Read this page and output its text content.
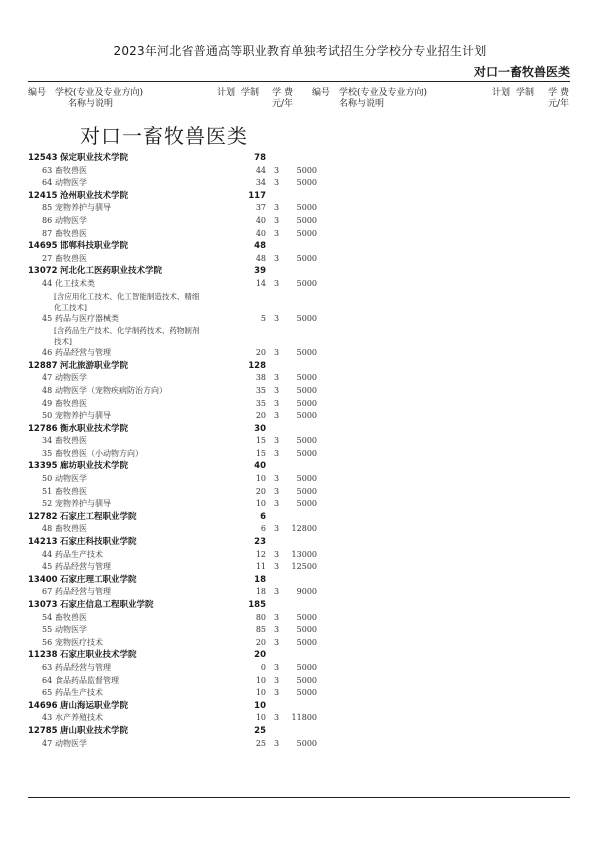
2023年河北省普通高等职业教育单独考试招生分学校分专业招生计划
对口一畜牧兽医类
编号 学校(专业及专业方向)
名称与说明
计划 学制 学 费
元/年
编号 学校(专业及专业方向)
名称与说明
计划 学制 学 费
元/年
对口一畜牧兽医类
12543 保定职业技术学院	78
63 畜牧兽医	44 3	5000
64 动物医学	34 3	5000
12415 沧州职业技术学院	117
85 宠物养护与驯导	37 3	5000
86 动物医学	40 3	5000
87 畜牧兽医	40 3	5000
14695 邯郸科技职业学院	48
27 畜牧兽医	48 3	5000
13072 河北化工医药职业技术学院	39
44 化工技术类	14 3	5000
[含应用化工技术、化工智能制造技术、精细
化工技术]
45 药品与医疗器械类	5 3	5000
[含药品生产技术、化学制药技术、药物制剂
技术]
46 药品经营与管理	20 3	5000
12887 河北旅游职业学院	128
47 动物医学	38 3	5000
48 动物医学（宠物疾病防治方向）	35 3	5000
49 畜牧兽医	35 3	5000
50 宠物养护与驯导	20 3	5000
12786 衡水职业技术学院	30
34 畜牧兽医	15 3	5000
35 畜牧兽医（小动物方向）	15 3	5000
13395 廊坊职业技术学院	40
50 动物医学	10 3	5000
51 畜牧兽医	20 3	5000
52 宠物养护与驯导	10 3	5000
12782 石家庄工程职业学院	6
48 畜牧兽医	6 3	12800
14213 石家庄科技职业学院	23
44 药品生产技术	12 3	13000
45 药品经营与管理	11 3	12500
13400 石家庄理工职业学院	18
67 药品经营与管理	18 3	9000
13073 石家庄信息工程职业学院	185
54 畜牧兽医	80 3	5000
55 动物医学	85 3	5000
56 宠物医疗技术	20 3	5000
11238 石家庄职业技术学院	20
63 药品经营与管理	0 3	5000
64 食品药品监督管理	10 3	5000
65 药品生产技术	10 3	5000
14696 唐山海运职业学院	10
43 水产养殖技术	10 3	11800
12785 唐山职业技术学院	25
47 动物医学	25 3	5000
